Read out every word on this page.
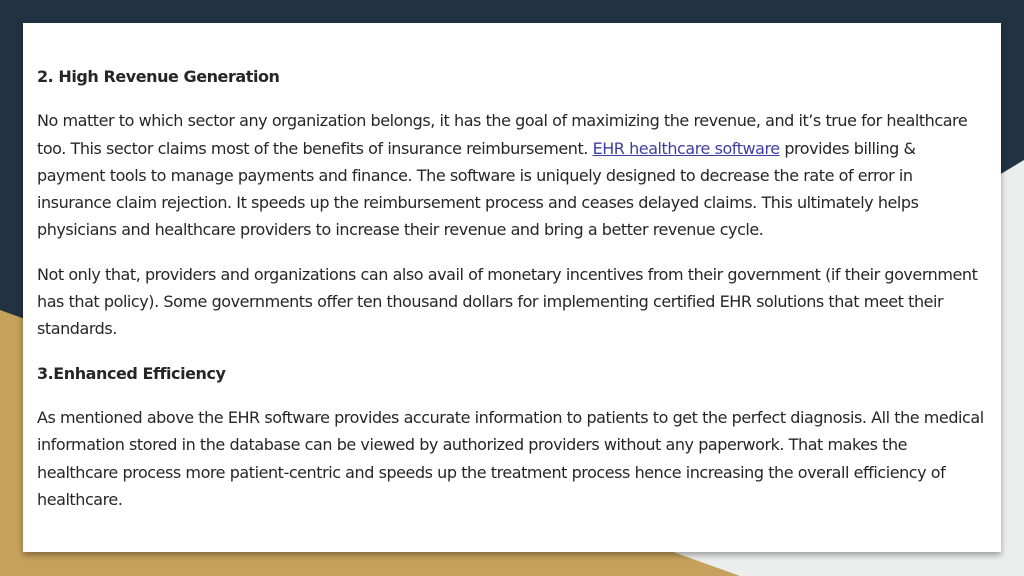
2. High Revenue Generation

No matter to which sector any organization belongs, it has the goal of maximizing the revenue, and it’s true for healthcare too. This sector claims most of the benefits of insurance reimbursement. EHR healthcare software provides billing & payment tools to manage payments and finance. The software is uniquely designed to decrease the rate of error in insurance claim rejection. It speeds up the reimbursement process and ceases delayed claims. This ultimately helps physicians and healthcare providers to increase their revenue and bring a better revenue cycle.

Not only that, providers and organizations can also avail of monetary incentives from their government (if their government has that policy). Some governments offer ten thousand dollars for implementing certified EHR solutions that meet their standards.

3.Enhanced Efficiency

As mentioned above the EHR software provides accurate information to patients to get the perfect diagnosis. All the medical information stored in the database can be viewed by authorized providers without any paperwork. That makes the healthcare process more patient-centric and speeds up the treatment process hence increasing the overall efficiency of healthcare.
